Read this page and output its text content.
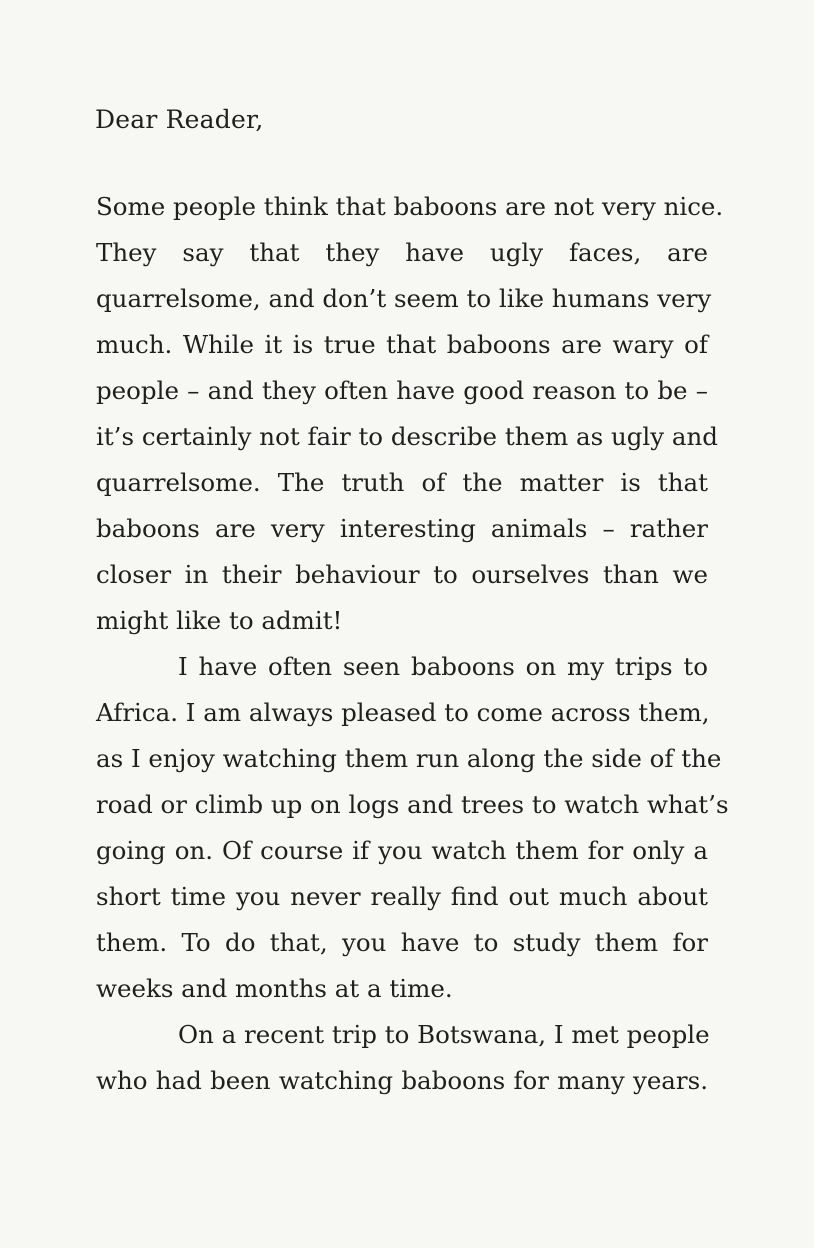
Dear Reader,
Some people think that baboons are not very nice.
They say that they have ugly faces, are
quarrelsome, and don’t seem to like humans very
much. While it is true that baboons are wary of
people – and they often have good reason to be –
it’s certainly not fair to describe them as ugly and
quarrelsome. The truth of the matter is that
baboons are very interesting animals – rather
closer in their behaviour to ourselves than we
might like to admit!
I have often seen baboons on my trips to
Africa. I am always pleased to come across them,
as I enjoy watching them run along the side of the
road or climb up on logs and trees to watch what’s
going on. Of course if you watch them for only a
short time you never really find out much about
them. To do that, you have to study them for
weeks and months at a time.
On a recent trip to Botswana, I met people
who had been watching baboons for many years.
